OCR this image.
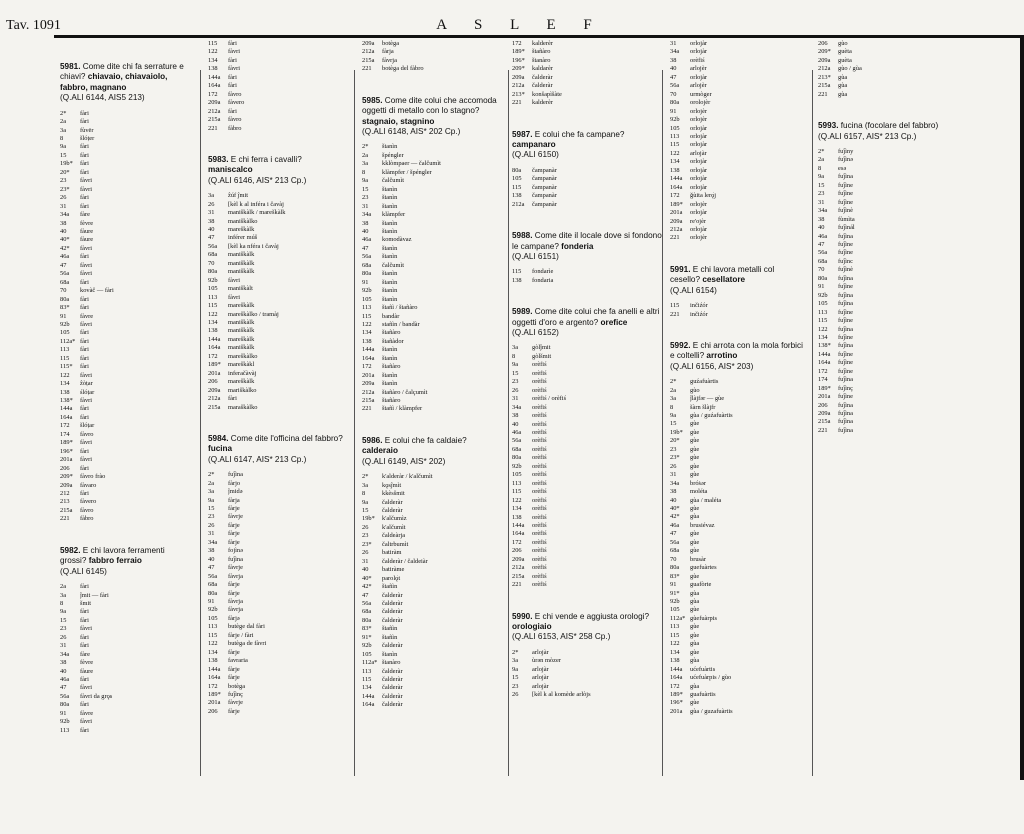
Tav. 1091	A S L E F
5981. Come dite chi fa serrature e chiavi? chiavaio, chiavaiolo, fabbro, magnano
(Q.ALI 6144, AIS5 213)
2*	fàri
2a	fàri
3a	fùvēr
8	šlóṭer
9a	fàri
15	fàri
19b*	fàri
20*	fàri
23	fàvri
23*	fàvri
26	fàri
31	fàri
34a	fàre
38	fèvre
40	fàure
40*	fàure
42*	fàvri
46a	fàri
47	fàvri
56a	fàvri
68a	fàri
70	kovàč — fàri
80a	fàri
83*	fàri
91	fàvre
92b	fàvri
105	fàri
112a* fàri
113	fàri
115	fàri
115*	fàri
122	fàvri
134	ẑòṭar
138	ślóṭar
138*	fàvri
144a	fàri
164a	fàri
172	šlóṭar
174	fàvro
189*	fàvri
196*	fàri
201a	fàvri
206	fàri
209*	fàvro frào
209a	fàvaro
212	fàri
213	fàvero
215a	fàvro
221	fàbro
5982. E chi lavora ferramenti grossi? fabbro ferraio
(Q.ALI 6145)
2a	fàri
3a	ĵmit — fàri
8	šmit
9a	fàri
15	fàri
23	fàvri
26	fàri
31	fàri
34a	fàre
38	fèvre
40	fàure
46a	fàri
47	fàvri
56a	fàvri da grǫs
80a	fàri
91	fàvre
92b	fàvri
113	fàri
115	fàri
122	fàvri
134	fàri
138	fàvri
144a	fàri
164a	fàri
172	fàvro
209a	fàvero
212a	fàri
215a	fàvro
221	fàbro
5983. E chi ferra i cavalli? maniscalco
(Q.ALI 6146, AIS* 213 Cp.)
3a	ẑúf ĵmit
26	[kèl k al inféra i čavàj
31	maniškàlk / marešḱàlk
38	manišḱàlko
40	marešḱàlk
47	inférer múš
56a	[kèl ka nféra i čavàj
68a	manišḱàlk
70	manišḱàlk
80a	manišḱàlk
92b	fàvri
105	manišḱàlt
113	fàvri
115	marešḱàlk
122	marešḱàlko / tramàj
134	manišḱàlk
138	manišḱàlk
144a	marešḱàlk
164a	manišḱàlk
172	marešḱàlko
189*	marešḱàkl
201a	inferačàvàj
206	marešḱàlk
209a	mariškàlko
212a	fàri
215a	marašḱàlko
5984. Come dite l'officina del fabbro? fucina
(Q.ALI 6147, AIS* 213 Cp.)
2*	fuĵìna
2a	fàrjo
3a	ĵmidə
9a	fàrja
15	fàrje
23	fàvrje
26	fàrje
31	fàrje
34a	fàrje
38	fojìnə
40	fuĵìna
47	fàvrje
56a	fàvrja
68a	fàrje
80a	fàrje
91	fàvrja
92b	fàvrja
105	fàrjə
113	butège dal fàri
115	fàrje / fàri
122	butèga de fàvri
134	fàrje
138	favraria
144a	fàrje
164a	fàrje
172	botèga
189*	fuĵìnç
201a	fàvrje
206	fàrje
209a	botèga
212a	fàrja
215a	fàvrja
221	botèga del fàbro
5985. Come dite colui che accomoda oggetti di metallo con lo stagno? stagnaio, stagnino
(Q.ALI 6148, AIS* 202 Cp.)
2*	štanìn
2a	špéngler
3a	kḱlòmpaer — čalčumìt
8	klàmpfer / špéngler
9a	čalčumìt
15	štanìn
23	štanìn
31	štanìn
34a	klàmpfer
38	štanìn
40	štanìn
46a	komodàvaz
47	štanìn
56a	štanìn
68a	čalčumìt
80a	štanìn
91	štanìn
92b	štanìn
105	štanìn
113	štañì / štañàro
115	bandàr
122	stañìn / bandàr
134	štañàro
138	štañàdor
144a	štanìn
164a	štanìn
172	štañàro
201a	štanìn
209a	štanìn
212a	štañàro / čalçumìt
215a	štañàro
221	štañì / klàmpfer
5986. E colui che fa caldaie? calderaio
(Q.ALI 6149, AIS* 202)
2*	k'alderàr / k'alčumìt
3a	kǫsĵmìt
8	kḱèsšmit
9a	čalderàr
15	čalderàr
19b*	k'alčumìz
26	k'alčumìt
23	čaldeàrja
23*	čaltrbumìt
26	batiràm
31	čalderàr / čaldeiàr
40	batiràme
40*	parolǫ̀t
42*	štañìn
47	čalderàr
56a	čalderàr
68a	čalderàr
80a	čalderàr
83*	štañìn
91*	štañìn
92b	čalderàr
105	štanìn
112a* štanàro
113	čalderàr
115	čalderàr
134	čalderàr
144a	čalderàr
164a	čalderàr
172	kalderèr
189*	štañàro
196*	štanàro
209*	kaldarèr
209a	čalderàr
212a	čalderàr
213*	konšapìšàte
221	kalderèr
5987. E colui che fa campane? campanaro
(Q.ALI 6150)
80a	čampanàr
105	čampanàr
115	čampanàr
138	čampanàr
212a	čampanàr
5988. Come dite il locale dove si fondono le campane? fonderia
(Q.ALI 6151)
115	fondarìe
138	fondaria
5989. Come dite colui che fa anelli e altri oggetti d'oro e argento? orefice
(Q.ALI 6152)
3a	gòlĵmit
8	gòlšmit
9a	orèfiś
15	orèfiś
23	orèfiś
26	orèfiś
31	orèfiś / orèfiś
34a	orèfiś
38	orèfiś
40	orèfiś
46a	orèfiś
56a	orèfiś
68a	orèfiś
80a	orèfiś
92b	orèfiś
105	orèfiś
113	orèfiś
115	orèfiś
122	orèfiś
134	orèfiś
138	orèfiś
144a	orèfiś
164a	orèfiś
172	orèfiś
206	orèfiś
209a	orèfiś
212a	orèfiś
215a	orèfiś
221	orèfiś
5990. E chi vende e aggiusta orologi? orologiaio
(Q.ALI 6153, AIS* 258 Cp.)
2*	arlojàr
3a	ùrən mòzer
9a	arlojàr
15	arlojàr
23	arlojàr
26	[kèl k al komède arlòjs
31	orlojàr
34a	orlojàr
38	orèfiś
40	arlojèr
47	orlojàr
56a	arlojèr
70	urmòger
80a	orolojèr
91	orlojèr
92b	orlojèr
105	orlojàr
113	orlojàr
115	orlojàr
122	arlojàr
134	orlojàr
138	orlojàr
144a	orlojàr
164a	orlojàr
172	ğùita lerǫ̀j
189*	orlojèr
201a	orlojàr
209a	re'ojèr
212a	orlojàr
221	orlojèr
5991. E chi lavora metalli col cesello? cesellatore
(Q.ALI 6154)
115	inčiźór
221	inčiźór
5992. E chi arrota con la mola forbici e coltelli? arrotino
(Q.ALI 6156, AIS* 203)
2*	guźafuàrtis
2a	gùo
3a	ĵlàjfər — gùe
8	šàrn šlàjfr
9a	gùa / guźafuàrtis
15	gùe
19b*	gùe
20*	gùe
23	gùe
23*	gùe
26	gùe
31	gùe
34a	bróṡər
38	moléta
40	gùa / maléta
40*	gùe
42*	gùa
46a	brusiévaz
47	gùe
56a	gùe
68a	gùe
70	brusàr
80a	guefuàrtes
83*	gùe
91	guafòrte
91*	gùa
92b	gùa
105	gùe
112a* gùefuàrpis
113	gùe
115	gùe
122	gùa
134	gùe
138	gùa
144a	ućefuàrtis
164a	ućefuàrpis / gùo
172	gùa
189*	guafuàrtis
196*	gùe
201a	gùa / guzafuàrtis
206	gùo
209*	guèta
209a	guèta
212a	gùo / gùa
213*	gùa
215a	gùa
221	gùa
5993. fucina (focolare del fabbro)
(Q.ALI 6157, AIS* 213 Cp.)
2*	fuĵìny
2a	fuĵìnə
8	esə
9a	fuĵìna
15	fuĵìne
23	fuĵìne
31	fuĵìne
34a	fuĵìnè
38	fùmìta
40	fuĵìnál
46a	fuĵìna
47	fuĵìne
56a	fuĵìne
68a	fuĵìnc
70	fuĵìnè
80a	fuĵìna
91	fuĵìne
92b	fuĵìna
105	fuĵìna
113	fuĵìne
115	fuĵìne
122	fuĵìna
134	fuĵìne
138*	fuĵìna
144a	fuĵìne
164a	fuĵìne
172	fuĵìne
174	fuĵìna
189*	fuĵìnç
201a	fuĵìne
206	fuĵìna
209a	fuĵìna
215a	fuĵìna
221	fuĵìna
